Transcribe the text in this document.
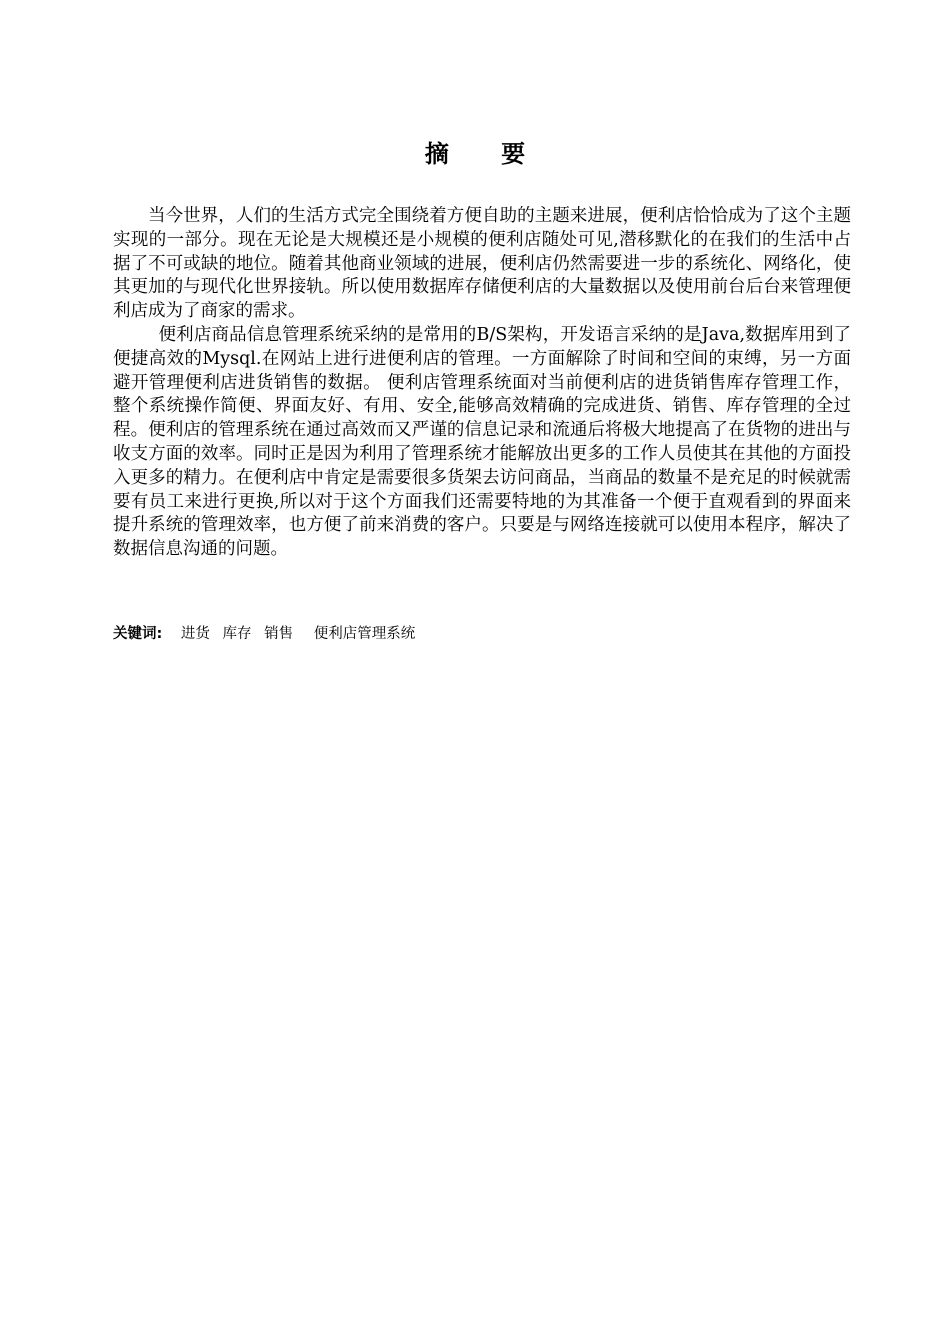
摘 要

当今世界，人们的生活方式完全围绕着方便自助的主题来进展，便利店恰恰成为了这个主题实现的一部分。现在无论是大规模还是小规模的便利店随处可见,潜移默化的在我们的生活中占据了不可或缺的地位。随着其他商业领域的进展，便利店仍然需要进一步的系统化、网络化，使其更加的与现代化世界接轨。所以使用数据库存储便利店的大量数据以及使用前台后台来管理便利店成为了商家的需求。

便利店商品信息管理系统采纳的是常用的B/S架构，开发语言采纳的是Java,数据库用到了便捷高效的Mysql.在网站上进行进便利店的管理。一方面解除了时间和空间的束缚，另一方面避开管理便利店进货销售的数据。 便利店管理系统面对当前便利店的进货销售库存管理工作，整个系统操作简便、界面友好、有用、安全,能够高效精确的完成进货、销售、库存管理的全过程。便利店的管理系统在通过高效而又严谨的信息记录和流通后将极大地提高了在货物的进出与收支方面的效率。同时正是因为利用了管理系统才能解放出更多的工作人员使其在其他的方面投入更多的精力。在便利店中肯定是需要很多货架去访问商品，当商品的数量不是充足的时候就需要有员工来进行更换,所以对于这个方面我们还需要特地的为其准备一个便于直观看到的界面来提升系统的管理效率，也方便了前来消费的客户。只要是与网络连接就可以使用本程序，解决了数据信息沟通的问题。

关键词: 进货 库存 销售 便利店管理系统
